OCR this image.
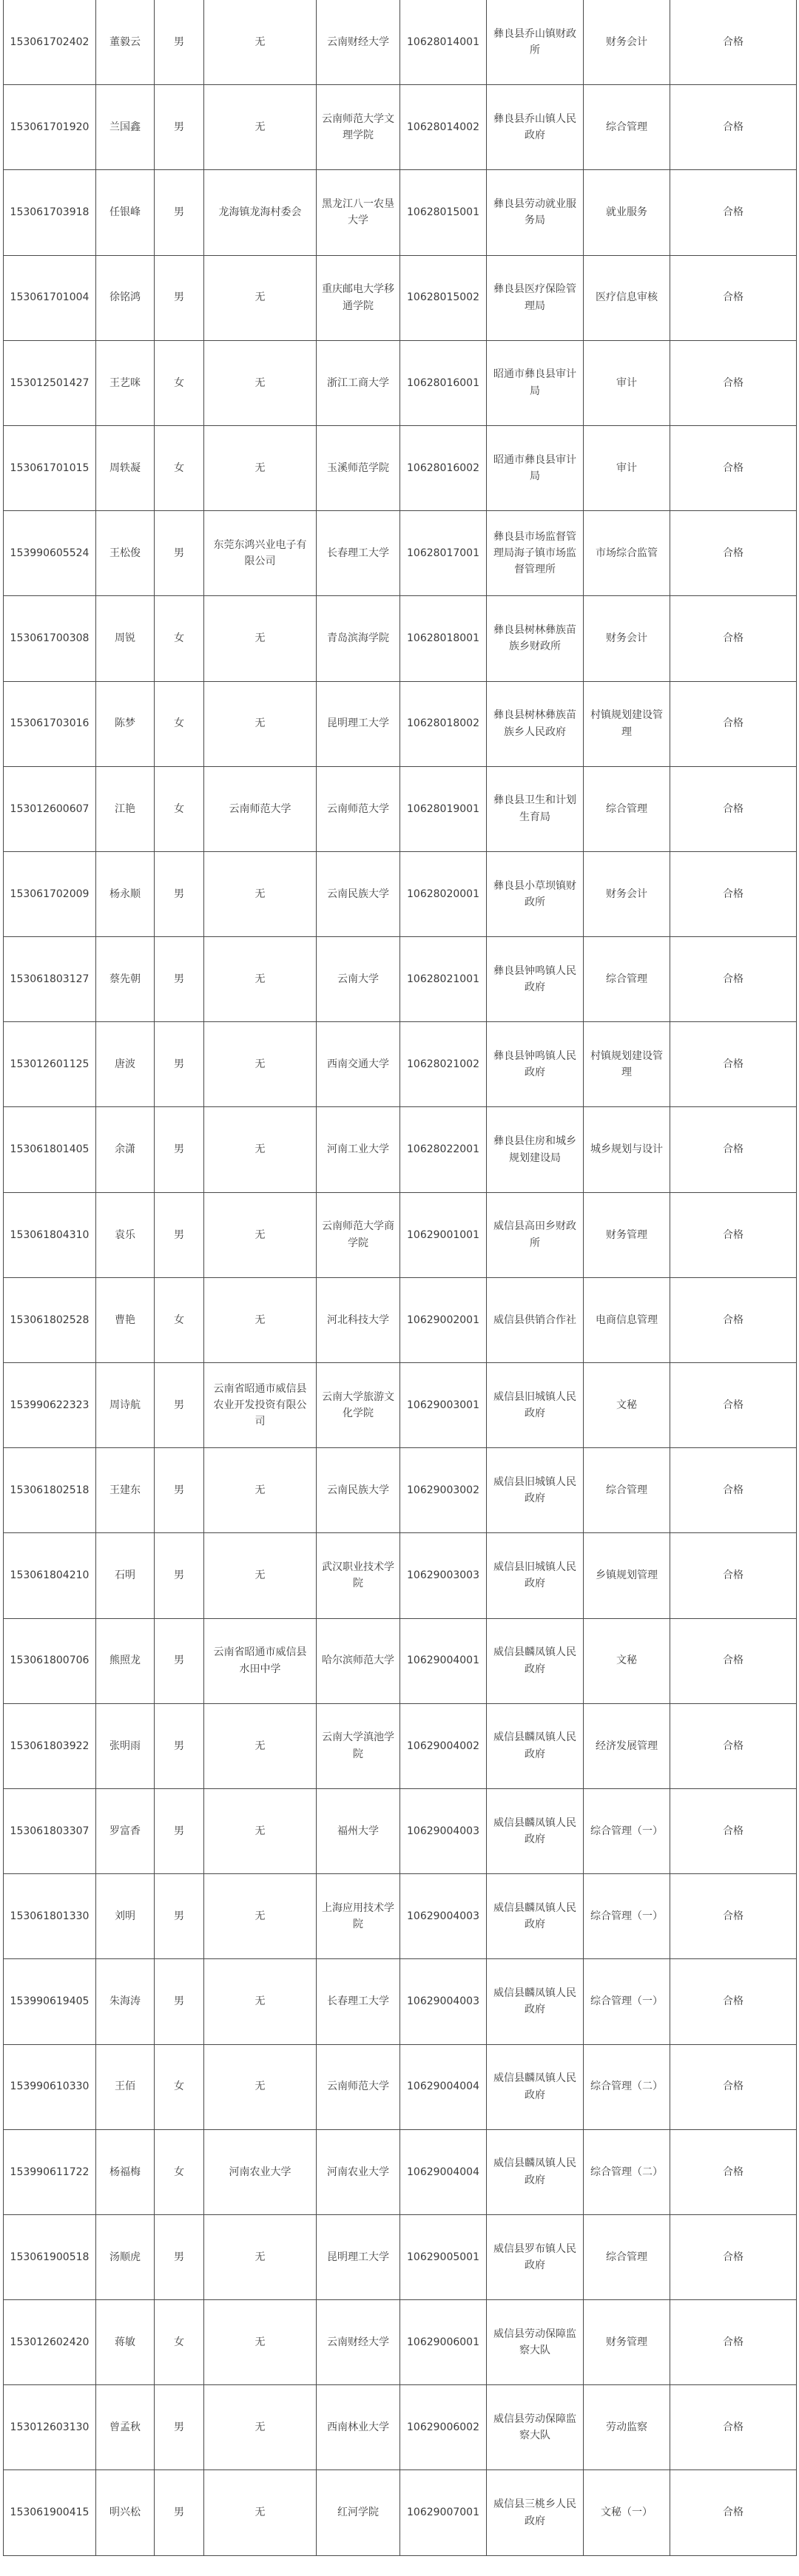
153061702402	董毅云	男	无	云南财经大学	10628014001	彝良县乔山镇财政所	财务会计	合格
153061701920	兰国鑫	男	无	云南师范大学文理学院	10628014002	彝良县乔山镇人民政府	综合管理	合格
153061703918	任银峰	男	龙海镇龙海村委会	黑龙江八一农垦大学	10628015001	彝良县劳动就业服务局	就业服务	合格
153061701004	徐铭鸿	男	无	重庆邮电大学移通学院	10628015002	彝良县医疗保险管理局	医疗信息审核	合格
153012501427	王艺咪	女	无	浙江工商大学	10628016001	昭通市彝良县审计局	审计	合格
153061701015	周轶凝	女	无	玉溪师范学院	10628016002	昭通市彝良县审计局	审计	合格
153990605524	王松俊	男	东莞东鸿兴业电子有限公司	长春理工大学	10628017001	彝良县市场监督管理局海子镇市场监督管理所	市场综合监管	合格
153061700308	周锐	女	无	青岛滨海学院	10628018001	彝良县树林彝族苗族乡财政所	财务会计	合格
153061703016	陈梦	女	无	昆明理工大学	10628018002	彝良县树林彝族苗族乡人民政府	村镇规划建设管理	合格
153012600607	江艳	女	云南师范大学	云南师范大学	10628019001	彝良县卫生和计划生育局	综合管理	合格
153061702009	杨永顺	男	无	云南民族大学	10628020001	彝良县小草坝镇财政所	财务会计	合格
153061803127	蔡先朝	男	无	云南大学	10628021001	彝良县钟鸣镇人民政府	综合管理	合格
153012601125	唐波	男	无	西南交通大学	10628021002	彝良县钟鸣镇人民政府	村镇规划建设管理	合格
153061801405	余潇	男	无	河南工业大学	10628022001	彝良县住房和城乡规划建设局	城乡规划与设计	合格
153061804310	袁乐	男	无	云南师范大学商学院	10629001001	威信县高田乡财政所	财务管理	合格
153061802528	曹艳	女	无	河北科技大学	10629002001	威信县供销合作社	电商信息管理	合格
153990622323	周诗航	男	云南省昭通市威信县农业开发投资有限公司	云南大学旅游文化学院	10629003001	威信县旧城镇人民政府	文秘	合格
153061802518	王建东	男	无	云南民族大学	10629003002	威信县旧城镇人民政府	综合管理	合格
153061804210	石明	男	无	武汉职业技术学院	10629003003	威信县旧城镇人民政府	乡镇规划管理	合格
153061800706	熊照龙	男	云南省昭通市威信县水田中学	哈尔滨师范大学	10629004001	威信县麟凤镇人民政府	文秘	合格
153061803922	张明雨	男	无	云南大学滇池学院	10629004002	威信县麟凤镇人民政府	经济发展管理	合格
153061803307	罗富香	男	无	福州大学	10629004003	威信县麟凤镇人民政府	综合管理（一）	合格
153061801330	刘明	男	无	上海应用技术学院	10629004003	威信县麟凤镇人民政府	综合管理（一）	合格
153990619405	朱海涛	男	无	长春理工大学	10629004003	威信县麟凤镇人民政府	综合管理（一）	合格
153990610330	王佰	女	无	云南师范大学	10629004004	威信县麟凤镇人民政府	综合管理（二）	合格
153990611722	杨福梅	女	河南农业大学	河南农业大学	10629004004	威信县麟凤镇人民政府	综合管理（二）	合格
153061900518	汤顺虎	男	无	昆明理工大学	10629005001	威信县罗布镇人民政府	综合管理	合格
153012602420	蒋敏	女	无	云南财经大学	10629006001	威信县劳动保障监察大队	财务管理	合格
153012603130	曾孟秋	男	无	西南林业大学	10629006002	威信县劳动保障监察大队	劳动监察	合格
153061900415	明兴松	男	无	红河学院	10629007001	威信县三桃乡人民政府	文秘（一）	合格
